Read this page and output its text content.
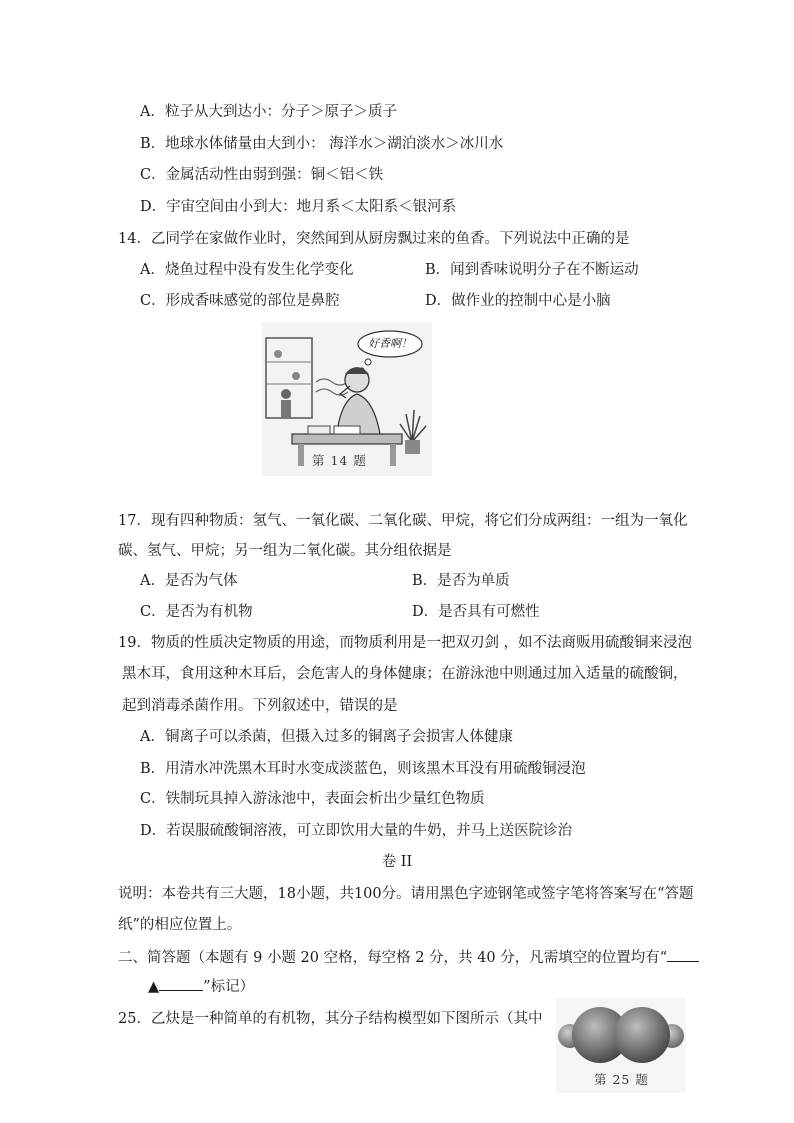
A．粒子从大到达小：分子＞原子＞质子
B．地球水体储量由大到小： 海洋水＞湖泊淡水＞冰川水
C．金属活动性由弱到强：铜＜铝＜铁
D．宇宙空间由小到大：地月系＜太阳系＜银河系
14．乙同学在家做作业时，突然闻到从厨房飘过来的鱼香。下列说法中正确的是
A．烧鱼过程中没有发生化学变化	B．闻到香味说明分子在不断运动
C．形成香味感觉的部位是鼻腔	D．做作业的控制中心是小脑
好香啊！
第 14 题
17．现有四种物质：氢气、一氧化碳、二氧化碳、甲烷，将它们分成两组：一组为一氧化
碳、氢气、甲烷；另一组为二氧化碳。其分组依据是
A．是否为气体	B．是否为单质
C．是否为有机物	D．是否具有可燃性
19．物质的性质决定物质的用途，而物质利用是一把双刃剑 ，如不法商贩用硫酸铜来浸泡
黑木耳，食用这种木耳后，会危害人的身体健康；在游泳池中则通过加入适量的硫酸铜，
起到消毒杀菌作用。下列叙述中，错误的是
A．铜离子可以杀菌，但摄入过多的铜离子会损害人体健康
B．用清水冲洗黑木耳时水变成淡蓝色，则该黑木耳没有用硫酸铜浸泡
C．铁制玩具掉入游泳池中，表面会析出少量红色物质
D．若误服硫酸铜溶液，可立即饮用大量的牛奶，并马上送医院诊治
卷 II
说明：本卷共有三大题，18小题，共100分。请用黑色字迹钢笔或签字笔将答案写在“答题
纸”的相应位置上。
二、简答题（本题有 9 小题 20 空格，每空格 2 分，共 40 分，凡需填空的位置均有“
▲	”标记）
25．乙炔是一种简单的有机物，其分子结构模型如下图所示（其中
第 25 题
